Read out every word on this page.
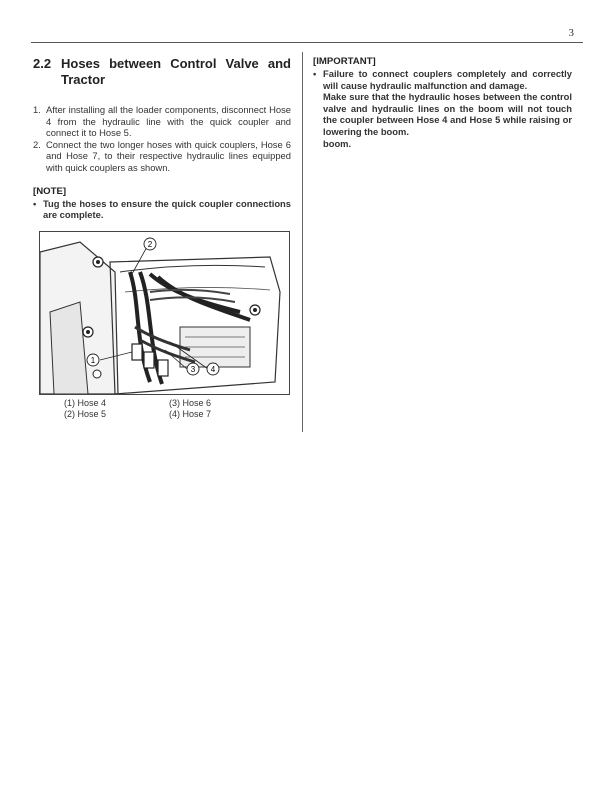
3
2.2 Hoses between Control Valve and Tractor
1. After installing all the loader components, disconnect Hose 4 from the hydraulic line with the quick coupler and connect it to Hose 5.
2. Connect the two longer hoses with quick couplers, Hose 6 and Hose 7, to their respective hydraulic lines equipped with quick couplers as shown.
[NOTE]
• Tug the hoses to ensure the quick coupler connections are complete.
1
2
3 4
(1) Hose 4	(3) Hose 6
(2) Hose 5	(4) Hose 7
[IMPORTANT]
• Failure to connect couplers completely and correctly will cause hydraulic malfunction and damage.
Make sure that the hydraulic hoses between the control valve and hydraulic lines on the boom will not touch the coupler between Hose 4 and Hose 5 while raising or lowering the boom.
boom.
